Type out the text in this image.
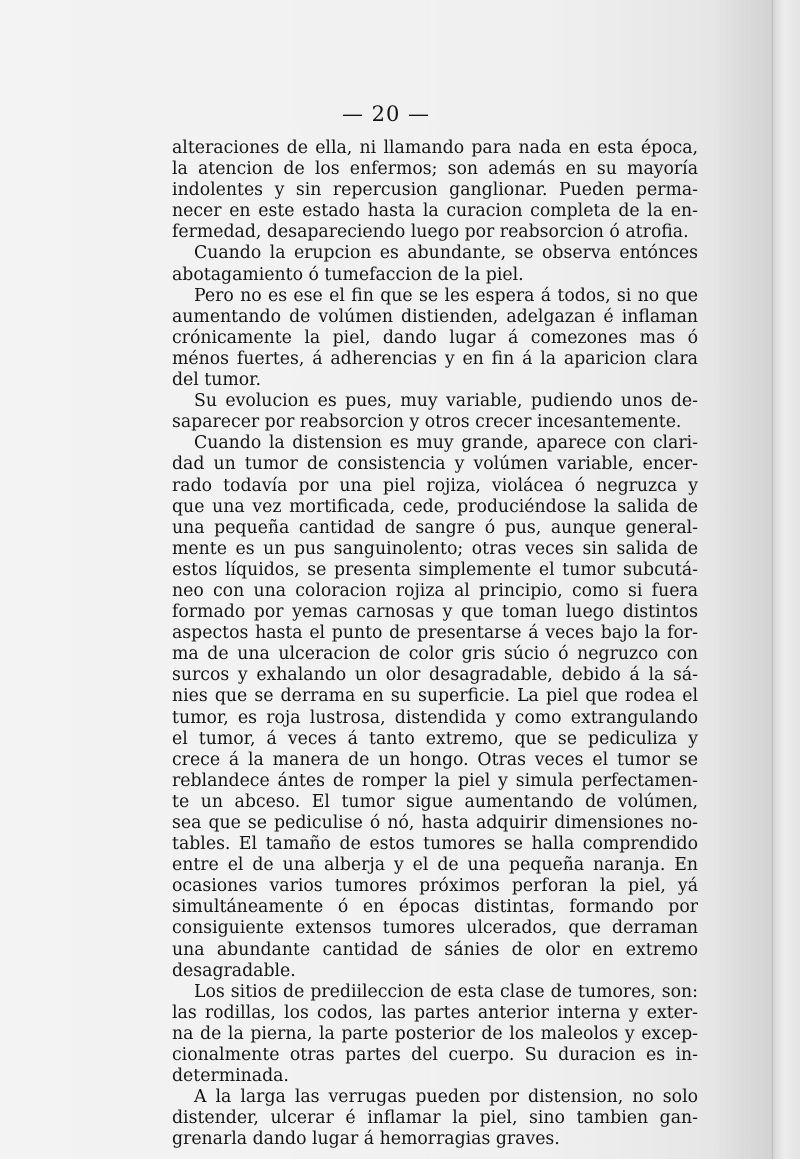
— 20 —
alteraciones de ella, ni llamando para nada en esta época,
la atencion de los enfermos; son además en su mayoría
indolentes y sin repercusion ganglionar. Pueden perma-
necer en este estado hasta la curacion completa de la en-
fermedad, desapareciendo luego por reabsorcion ó atrofia.
Cuando la erupcion es abundante, se observa entónces
abotagamiento ó tumefaccion de la piel.
Pero no es ese el fin que se les espera á todos, si no que
aumentando de volúmen distienden, adelgazan é inflaman
crónicamente la piel, dando lugar á comezones mas ó
ménos fuertes, á adherencias y en fin á la aparicion clara
del tumor.
Su evolucion es pues, muy variable, pudiendo unos de-
saparecer por reabsorcion y otros crecer incesantemente.
Cuando la distension es muy grande, aparece con clari-
dad un tumor de consistencia y volúmen variable, encer-
rado todavía por una piel rojiza, violácea ó negruzca y
que una vez mortificada, cede, produciéndose la salida de
una pequeña cantidad de sangre ó pus, aunque general-
mente es un pus sanguinolento; otras veces sin salida de
estos líquidos, se presenta simplemente el tumor subcutá-
neo con una coloracion rojiza al principio, como si fuera
formado por yemas carnosas y que toman luego distintos
aspectos hasta el punto de presentarse á veces bajo la for-
ma de una ulceracion de color gris súcio ó negruzco con
surcos y exhalando un olor desagradable, debido á la sá-
nies que se derrama en su superficie. La piel que rodea el
tumor, es roja lustrosa, distendida y como extrangulando
el tumor, á veces á tanto extremo, que se pediculiza y
crece á la manera de un hongo. Otras veces el tumor se
reblandece ántes de romper la piel y simula perfectamen-
te un abceso. El tumor sigue aumentando de volúmen,
sea que se pediculise ó nó, hasta adquirir dimensiones no-
tables. El tamaño de estos tumores se halla comprendido
entre el de una alberja y el de una pequeña naranja. En
ocasiones varios tumores próximos perforan la piel, yá
simultáneamente ó en épocas distintas, formando por
consiguiente extensos tumores ulcerados, que derraman
una abundante cantidad de sánies de olor en extremo
desagradable.
Los sitios de prediileccion de esta clase de tumores, son:
las rodillas, los codos, las partes anterior interna y exter-
na de la pierna, la parte posterior de los maleolos y excep-
cionalmente otras partes del cuerpo. Su duracion es in-
determinada.
A la larga las verrugas pueden por distension, no solo
distender, ulcerar é inflamar la piel, sino tambien gan-
grenarla dando lugar á hemorragias graves.
